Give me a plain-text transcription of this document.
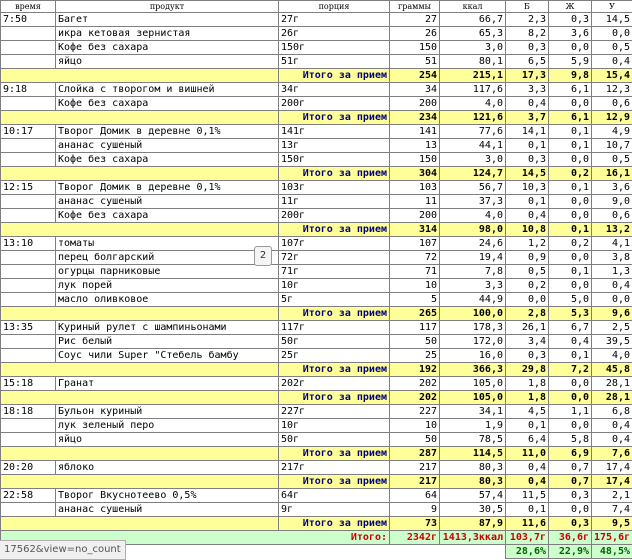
время	продукт	порция	граммы	ккал	Б	Ж	У
7:50	Багет	27г	27	66,7	2,3	0,3	14,5
	икра кетовая зернистая	26г	26	65,3	8,2	3,6	0,0
	Кофе без сахара	150г	150	3,0	0,3	0,0	0,5
	яйцо	51г	51	80,1	6,5	5,9	0,4
		Итого за прием	254	215,1	17,3	9,8	15,4
9:18	Слойка с творогом и вишней	34г	34	117,6	3,3	6,1	12,3
	Кофе без сахара	200г	200	4,0	0,4	0,0	0,6
		Итого за прием	234	121,6	3,7	6,1	12,9
10:17	Творог Домик в деревне 0,1%	141г	141	77,6	14,1	0,1	4,9
	ананас сушеный	13г	13	44,1	0,1	0,1	10,7
	Кофе без сахара	150г	150	3,0	0,3	0,0	0,5
		Итого за прием	304	124,7	14,5	0,2	16,1
12:15	Творог Домик в деревне 0,1%	103г	103	56,7	10,3	0,1	3,6
	ананас сушеный	11г	11	37,3	0,1	0,0	9,0
	Кофе без сахара	200г	200	4,0	0,4	0,0	0,6
		Итого за прием	314	98,0	10,8	0,1	13,2
13:10	томаты	107г	107	24,6	1,2	0,2	4,1
	перец болгарский	72г	72	19,4	0,9	0,0	3,8
	огурцы парниковые	71г	71	7,8	0,5	0,1	1,3
	лук порей	10г	10	3,3	0,2	0,0	0,4
	масло оливковое	5г	5	44,9	0,0	5,0	0,0
		Итого за прием	265	100,0	2,8	5,3	9,6
13:35	Куриный рулет с шампиньонами	117г	117	178,3	26,1	6,7	2,5
	Рис белый	50г	50	172,0	3,4	0,4	39,5
	Соус чили Super "Стебель бамбу	25г	25	16,0	0,3	0,1	4,0
		Итого за прием	192	366,3	29,8	7,2	45,8
15:18	Гранат	202г	202	105,0	1,8	0,0	28,1
		Итого за прием	202	105,0	1,8	0,0	28,1
18:18	Бульон куриный	227г	227	34,1	4,5	1,1	6,8
	лук зеленый перо	10г	10	1,9	0,1	0,0	0,4
	яйцо	50г	50	78,5	6,4	5,8	0,4
		Итого за прием	287	114,5	11,0	6,9	7,6
20:20	яблоко	217г	217	80,3	0,4	0,7	17,4
		Итого за прием	217	80,3	0,4	0,7	17,4
22:58	Творог Вкуснотеево 0,5%	64г	64	57,4	11,5	0,3	2,1
	ананас сушеный	9г	9	30,5	0,1	0,0	7,4
		Итого за прием	73	87,9	11,6	0,3	9,5
Итого:			2342г	1413,3ккал	103,7г	36,6г	175,6г
					28,6%	22,9%	48,5%
2
17562&view=no_count
